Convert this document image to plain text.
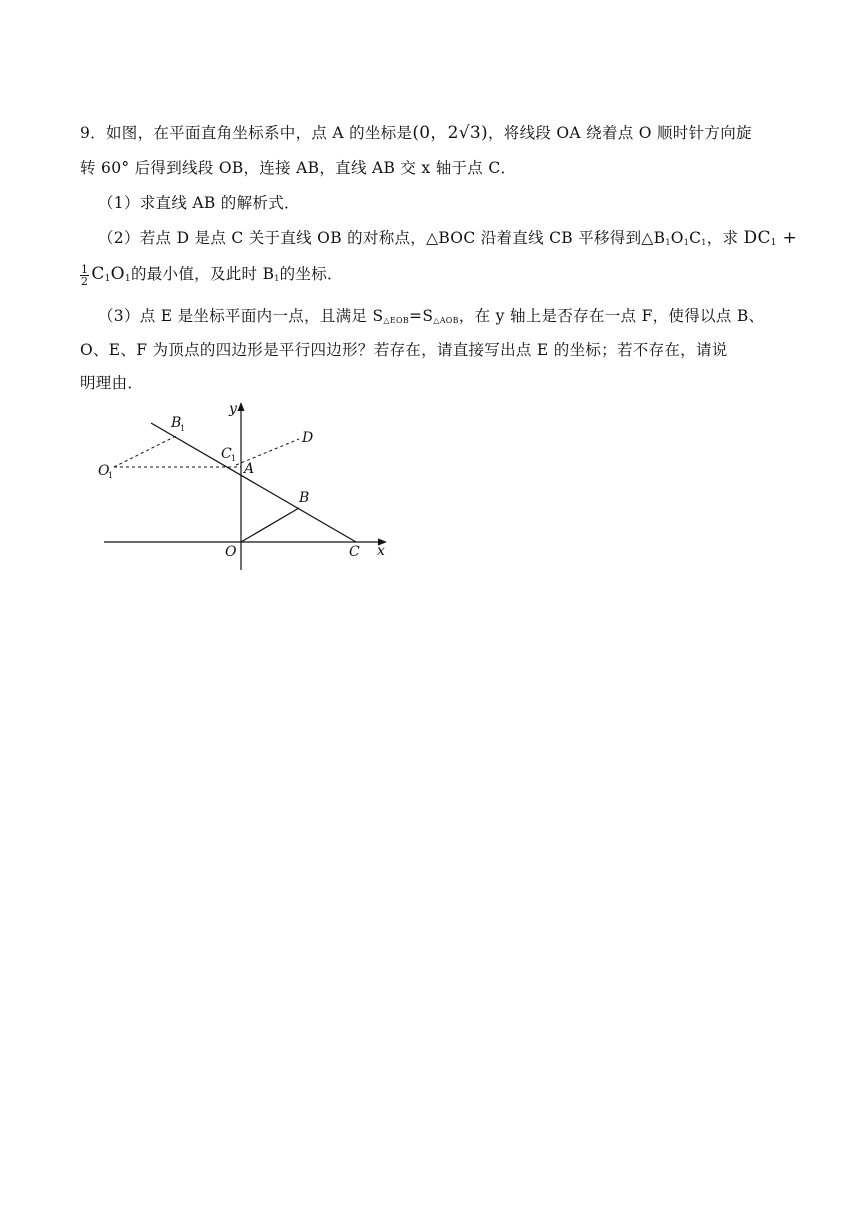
9．如图，在平面直角坐标系中，点 A 的坐标是(0，2√3)，将线段 OA 绕着点 O 顺时针方向旋
转 60° 后得到线段 OB，连接 AB，直线 AB 交 x 轴于点 C．
（1）求直线 AB 的解析式．
（2）若点 D 是点 C 关于直线 OB 的对称点，△BOC 沿着直线 CB 平移得到△B1O1C1，求 $DC_1$ +
$\frac{1}{2} C_1O_1$的最小值，及此时 B1的坐标．
（3）点 E 是坐标平面内一点，且满足 S△EOB=S△AOB，在 y 轴上是否存在一点 F，使得以点 B、
O、E、F 为顶点的四边形是平行四边形？若存在，请直接写出点 E 的坐标；若不存在，请说
明理由．
y
x
O
A
B
C
D
B
1
C 1
O
1
